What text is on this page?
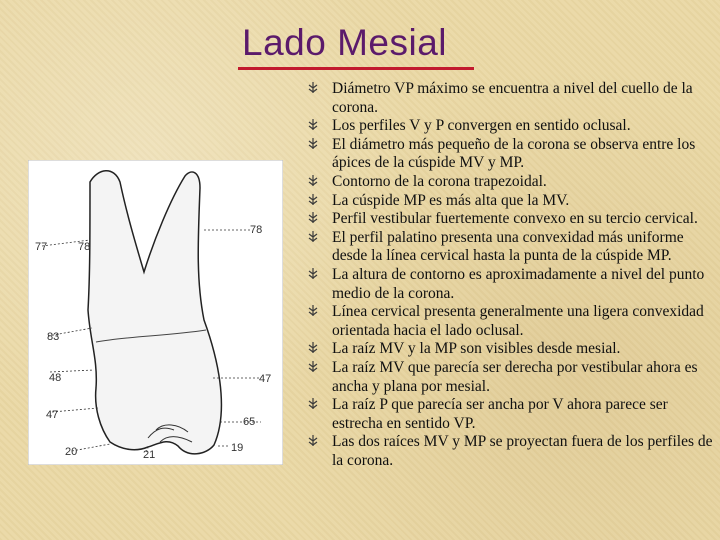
Lado Mesial
78
78
77
83
48	47
47
65
19
20	21
Diámetro VP máximo se encuentra a nivel del cuello de la corona.
Los perfiles V y P convergen en sentido oclusal.
El diámetro más pequeño de la corona se observa entre los ápices de la cúspide MV y MP.
Contorno de la corona trapezoidal.
La cúspide MP es más alta que la MV.
Perfil vestibular fuertemente convexo en su tercio cervical.
El perfil palatino presenta una convexidad más uniforme desde la línea cervical hasta la punta de la cúspide MP.
La altura de contorno es aproximadamente a nivel del punto medio de la corona.
Línea cervical presenta generalmente una ligera convexidad orientada hacia el lado oclusal.
La raíz MV y la MP son visibles desde mesial.
La raíz MV que parecía ser derecha por vestibular ahora es ancha y plana por mesial.
La raíz P que parecía ser ancha por V ahora parece ser estrecha en sentido VP.
Las dos raíces MV y MP se proyectan fuera de los perfiles de la corona.
